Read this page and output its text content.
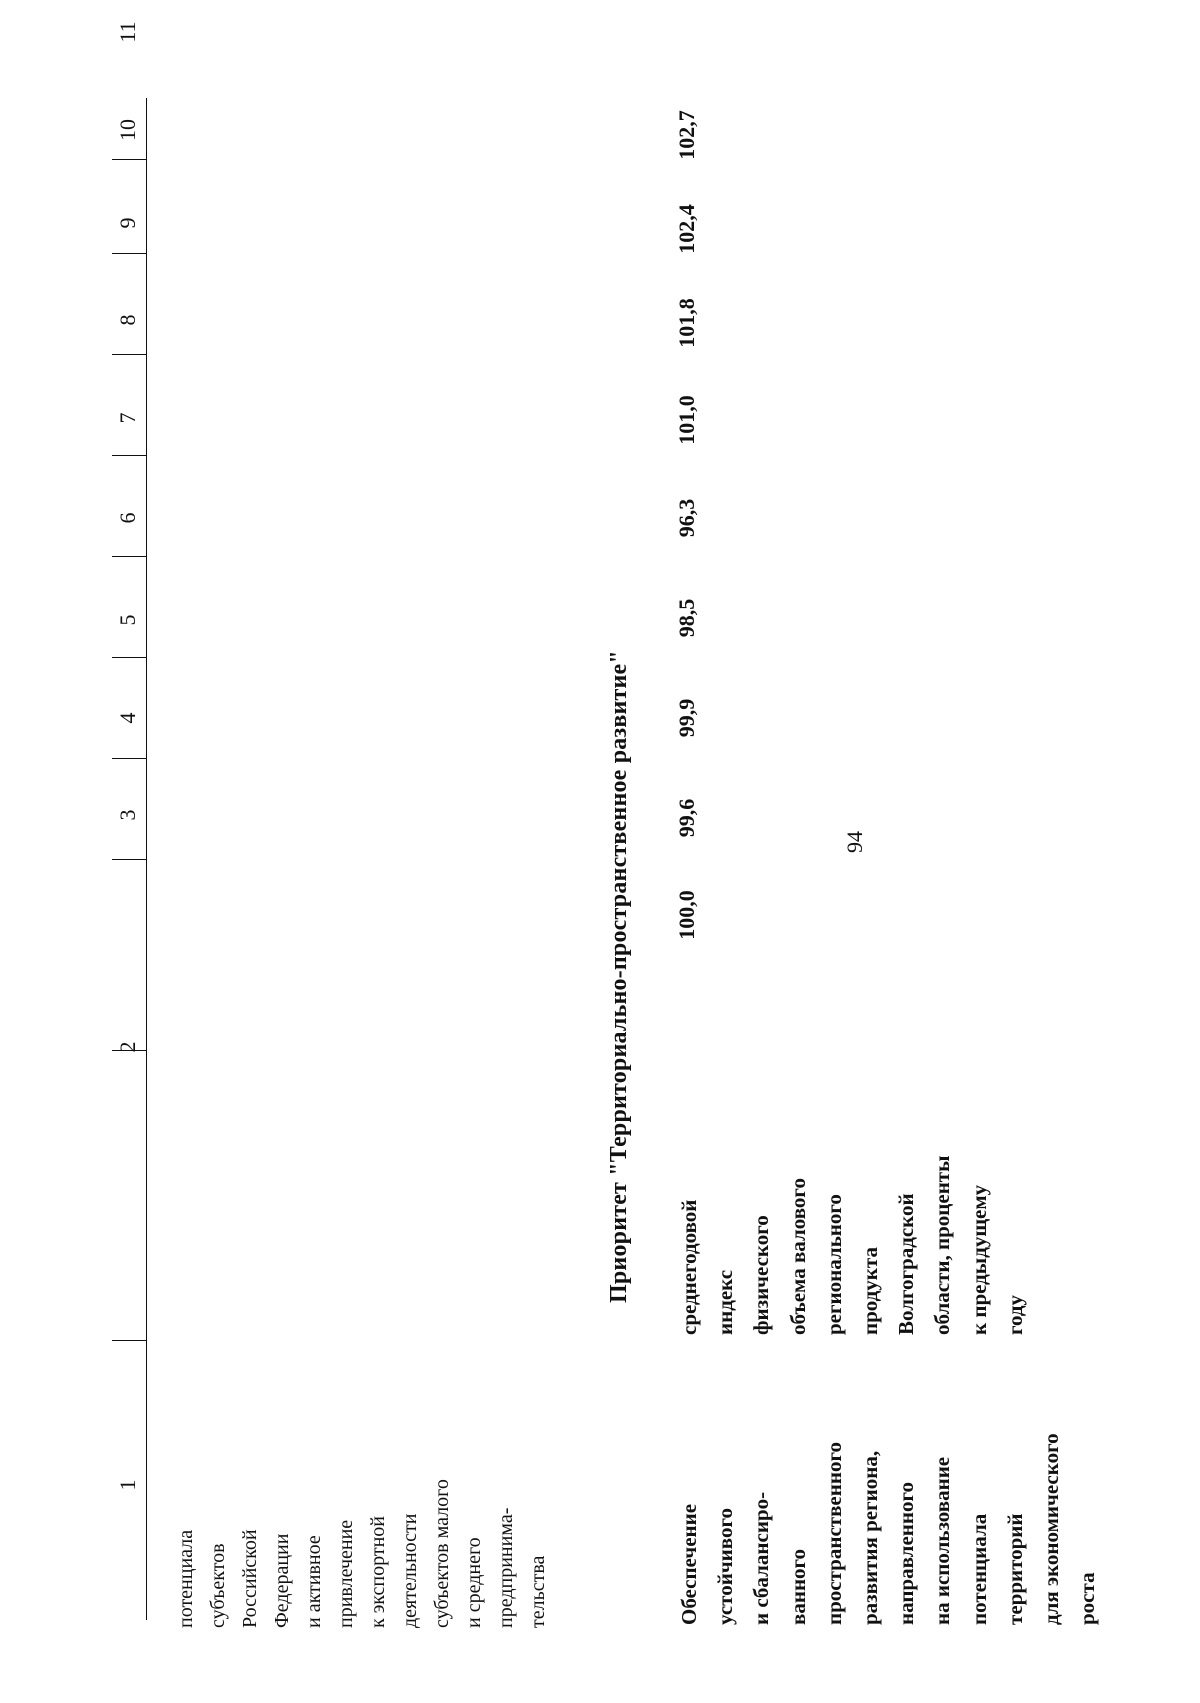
94
1
2
3
4
5
6
7
8
9
10
11
потенциала субъектов Российской Федерации и активное привлечение к экспортной деятельности субъектов малого и среднего предпринима- тельства
Приоритет "Территориально-пространственное развитие"
Обеспечение устойчивого и сбалансиро- ванного пространственного развития региона, направленного на использование потенциала территорий для экономического роста
среднегодовой индекс физического объема валового регионального продукта Волгоградской области, проценты к предыдущему году
100,0
99,6
99,9
98,5
96,3
101,0
101,8
102,4
102,7
